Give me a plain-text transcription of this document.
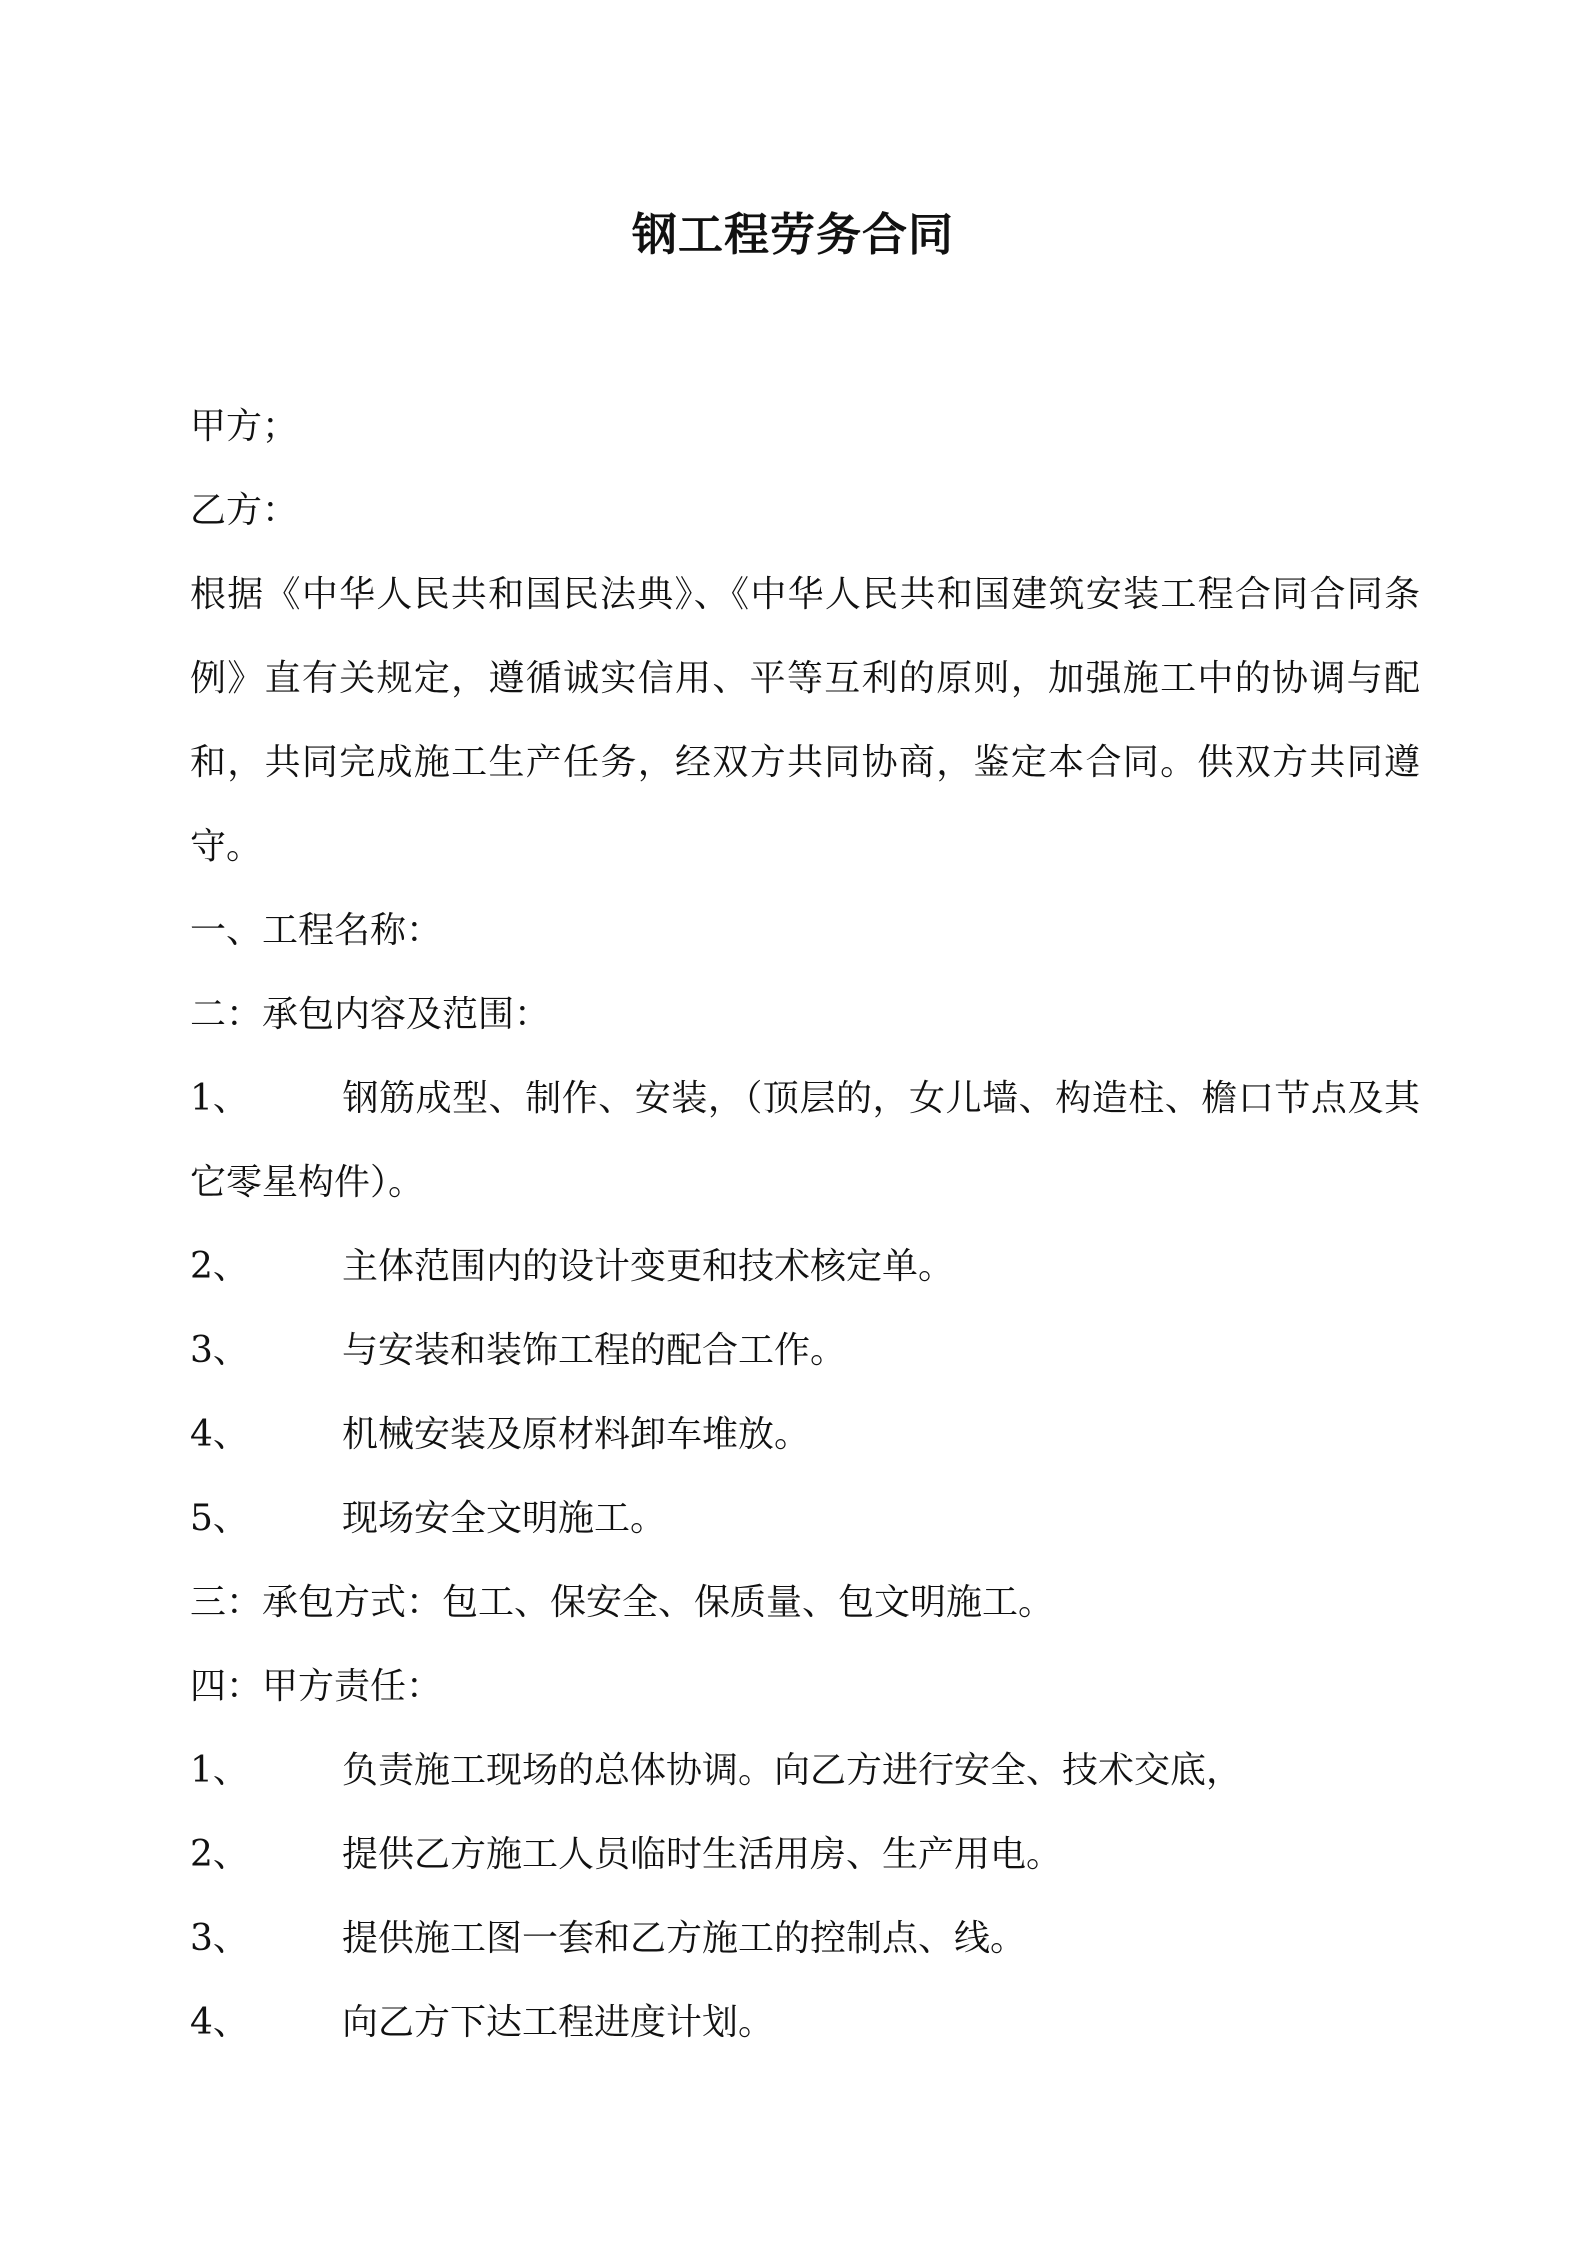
钢工程劳务合同
甲方；
乙方：
根据《中华人民共和国民法典》、《中华人民共和国建筑安装工程合同合同条例》直有关规定，遵循诚实信用、平等互利的原则，加强施工中的协调与配和，共同完成施工生产任务，经双方共同协商，鉴定本合同。供双方共同遵守。
一、工程名称：
二：承包内容及范围：
1、	钢筋成型、制作、安装，（顶层的，女儿墙、构造柱、檐口节点及其它零星构件）。
2、	主体范围内的设计变更和技术核定单。
3、	与安装和装饰工程的配合工作。
4、	机械安装及原材料卸车堆放。
5、	现场安全文明施工。
三：承包方式：包工、保安全、保质量、包文明施工。
四：甲方责任：
1、	负责施工现场的总体协调。向乙方进行安全、技术交底，
2、	提供乙方施工人员临时生活用房、生产用电。
3、	提供施工图一套和乙方施工的控制点、线。
4、	向乙方下达工程进度计划。
